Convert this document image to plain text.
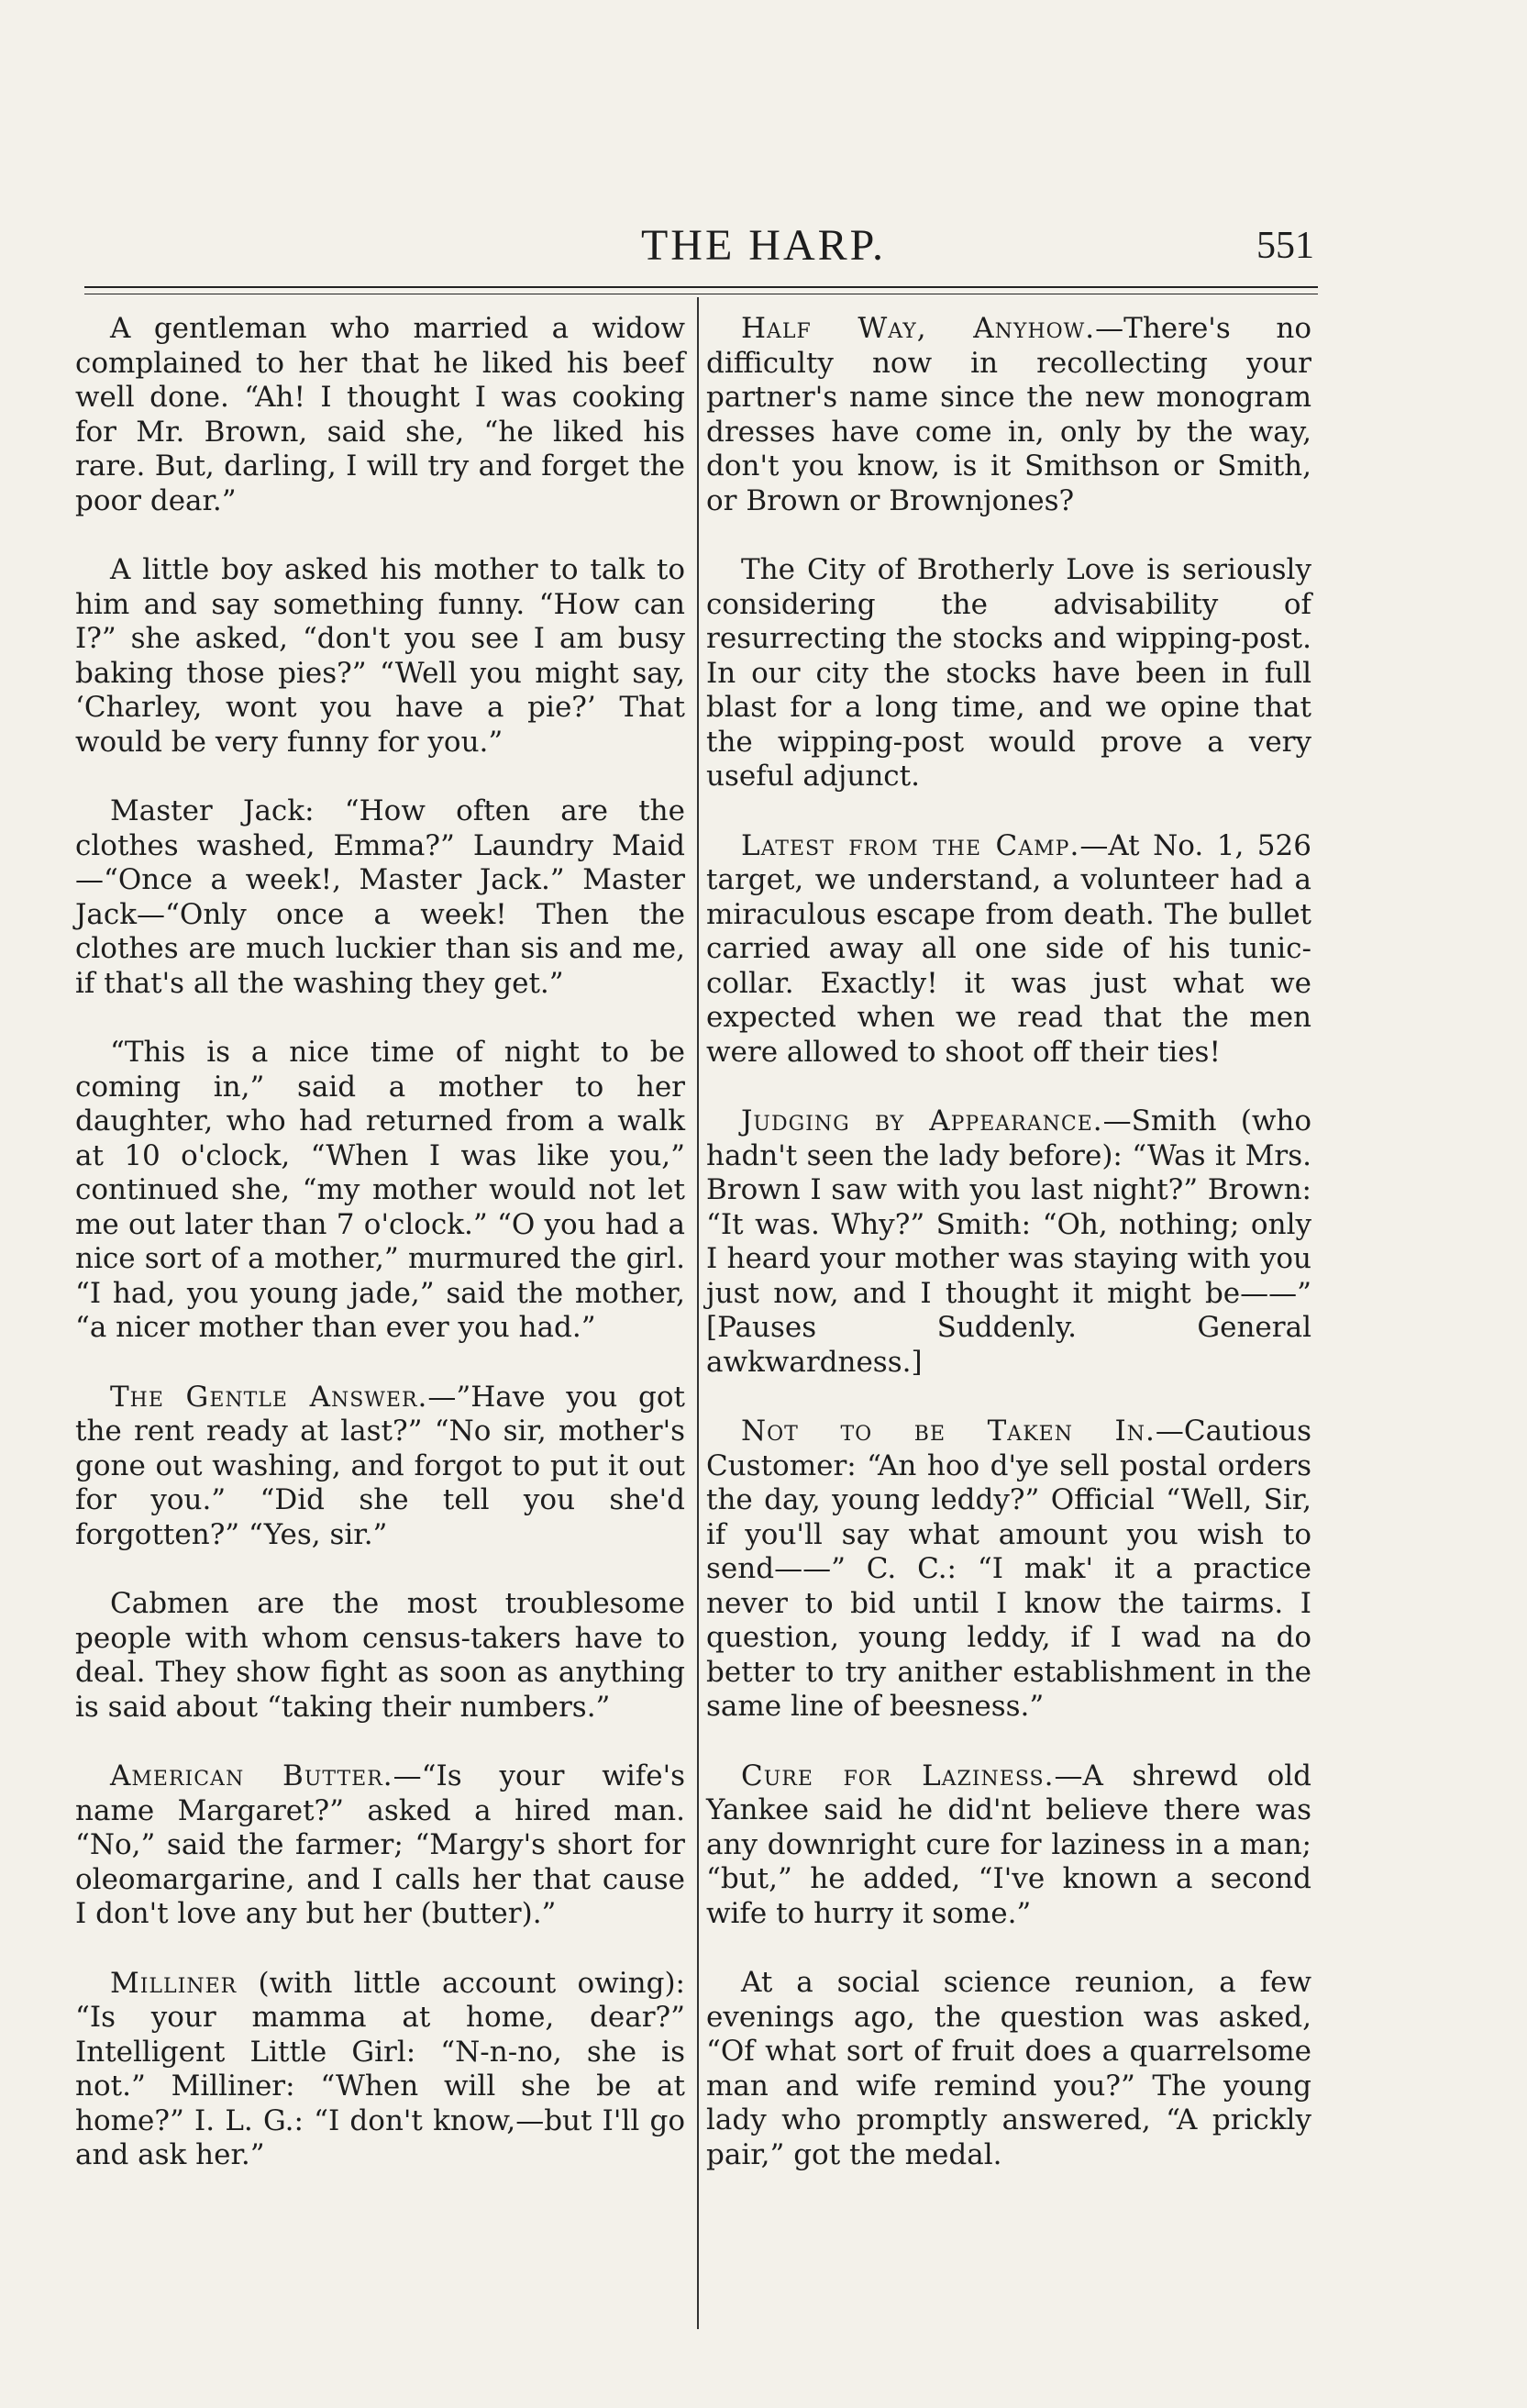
THE HARP.	551

A gentleman who married a widow complained to her that he liked his beef well done. “Ah! I thought I was cooking for Mr. Brown, said she, “he liked his rare. But, darling, I will try and forget the poor dear.”

A little boy asked his mother to talk to him and say something funny. “How can I?” she asked, “don't you see I am busy baking those pies?” “Well you might say, ‘Charley, wont you have a pie?’ That would be very funny for you.”

Master Jack: “How often are the clothes washed, Emma?” Laundry Maid—“Once a week!, Master Jack.” Master Jack—“Only once a week! Then the clothes are much luckier than sis and me, if that's all the washing they get.”

“This is a nice time of night to be coming in,” said a mother to her daughter, who had returned from a walk at 10 o'clock, “When I was like you,” continued she, “my mother would not let me out later than 7 o'clock.” “O you had a nice sort of a mother,” murmured the girl. “I had, you young jade,” said the mother, “a nicer mother than ever you had.”

The Gentle Answer.—”Have you got the rent ready at last?” “No sir, mother's gone out washing, and forgot to put it out for you.” “Did she tell you she'd forgotten?” “Yes, sir.”

Cabmen are the most troublesome people with whom census-takers have to deal. They show fight as soon as anything is said about “taking their numbers.”

American Butter.—“Is your wife's name Margaret?” asked a hired man. “No,” said the farmer; “Margy's short for oleomargarine, and I calls her that cause I don't love any but her (butter).”

Milliner (with little account owing): “Is your mamma at home, dear?” Intelligent Little Girl: “N-n-no, she is not.” Milliner: “When will she be at home?” I. L. G.: “I don't know,—but I'll go and ask her.”

Half Way, Anyhow.—There's no difficulty now in recollecting your partner's name since the new monogram dresses have come in, only by the way, don't you know, is it Smithson or Smith, or Brown or Brownjones?

The City of Brotherly Love is seriously considering the advisability of resurrecting the stocks and wipping-post. In our city the stocks have been in full blast for a long time, and we opine that the wipping-post would prove a very useful adjunct.

Latest from the Camp.—At No. 1, 526 target, we understand, a volunteer had a miraculous escape from death. The bullet carried away all one side of his tunic-collar. Exactly! it was just what we expected when we read that the men were allowed to shoot off their ties!

Judging by Appearance.—Smith (who hadn't seen the lady before): “Was it Mrs. Brown I saw with you last night?” Brown: “It was. Why?” Smith: “Oh, nothing; only I heard your mother was staying with you just now, and I thought it might be——” [Pauses Suddenly. General awkwardness.]

Not to be Taken In.—Cautious Customer: “An hoo d'ye sell postal orders the day, young leddy?” Official “Well, Sir, if you'll say what amount you wish to send——” C. C.: “I mak' it a practice never to bid until I know the tairms. I question, young leddy, if I wad na do better to try anither establishment in the same line of beesness.”

Cure for Laziness.—A shrewd old Yankee said he did'nt believe there was any downright cure for laziness in a man; “but,” he added, “I've known a second wife to hurry it some.”

At a social science reunion, a few evenings ago, the question was asked, “Of what sort of fruit does a quarrelsome man and wife remind you?” The young lady who promptly answered, “A prickly pair,” got the medal.
